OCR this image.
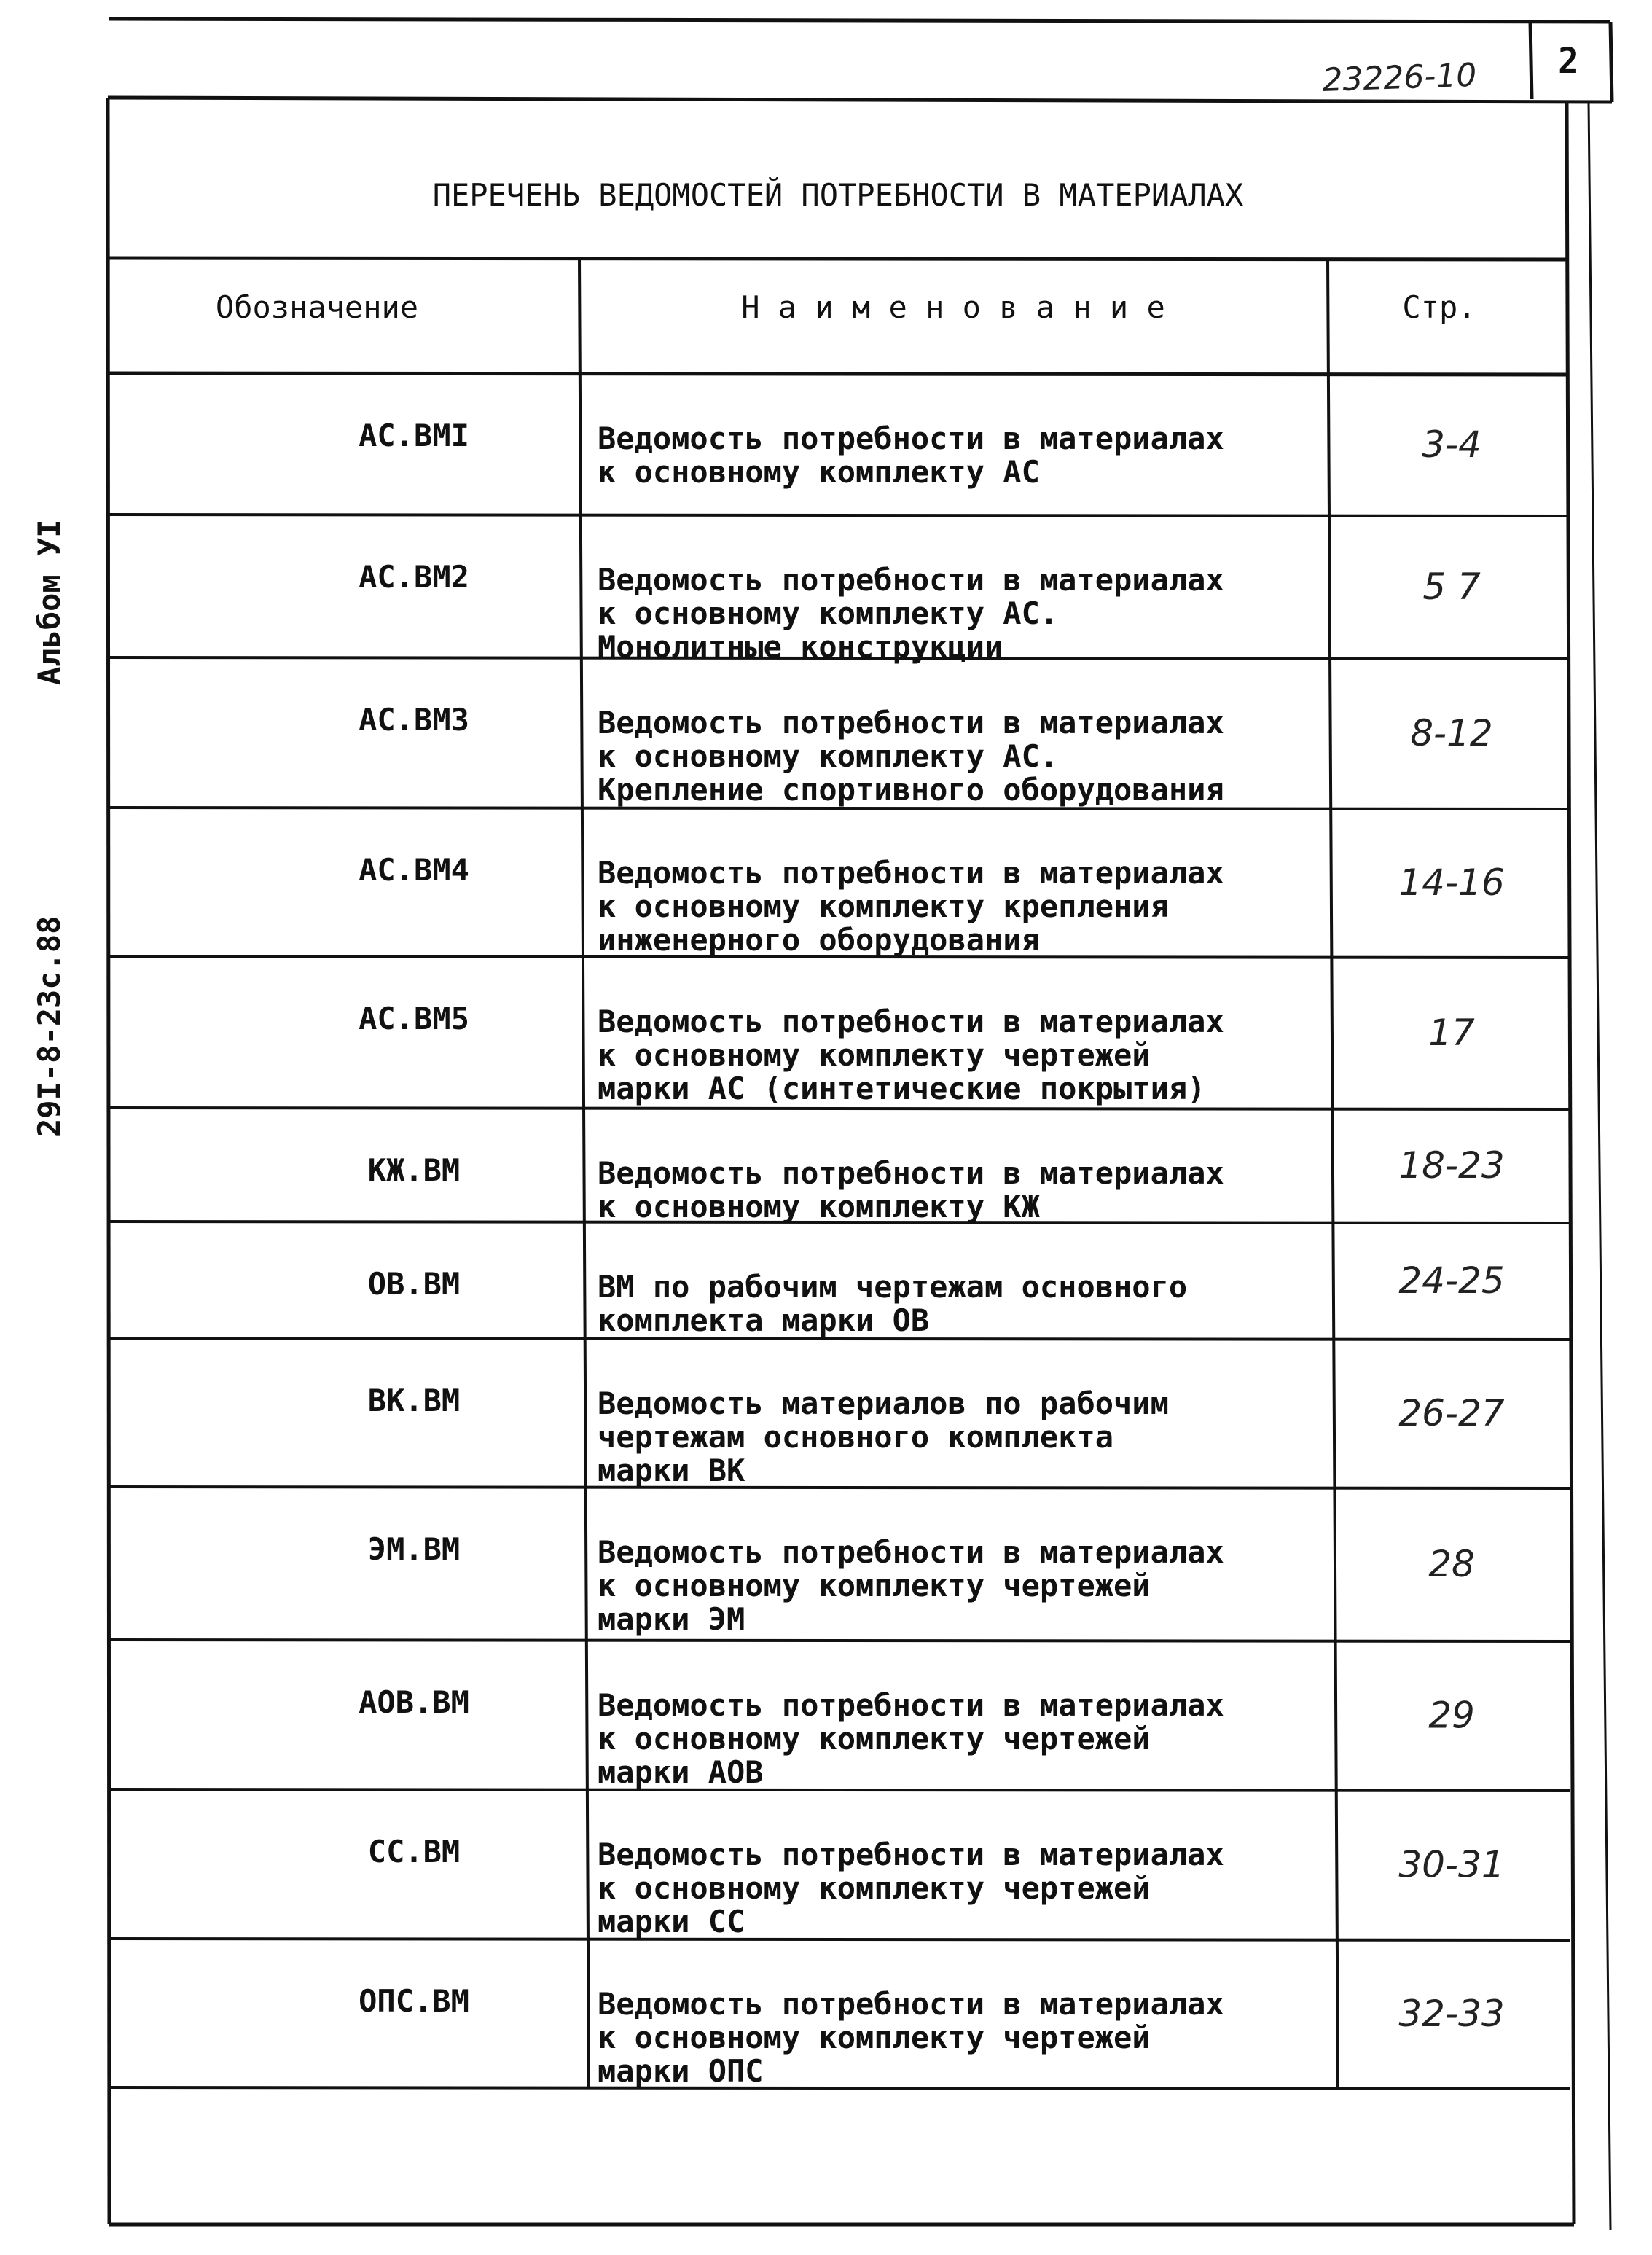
23226-10 2
Альбом УI
29I-8-23с.88
ПЕРЕЧЕНЬ ВЕДОМОСТЕЙ ПОТРЕБНОСТИ В МАТЕРИАЛАХ
Обозначение	Н а и м е н о в а н и е	Стр.
АС.ВМI	Ведомость потребности в материалах
к основному комплекту АС
3-4
АС.ВМ2	Ведомость потребности в материалах
к основному комплекту АС.
Монолитные конструкции
5 7
АС.ВМ3	Ведомость потребности в материалах
к основному комплекту АС.
Крепление спортивного оборудования
8-12
АС.ВМ4	Ведомость потребности в материалах
к основному комплекту крепления
инженерного оборудования
14-16
АС.ВМ5	Ведомость потребности в материалах
к основному комплекту чертежей
марки АС (синтетические покрытия)
17
КЖ.ВМ	Ведомость потребности в материалах
к основному комплекту КЖ
18-23
ОВ.ВМ	ВМ по рабочим чертежам основного
комплекта марки ОВ
24-25
ВК.ВМ	Ведомость материалов по рабочим
чертежам основного комплекта
марки ВК
26-27
ЭМ.ВМ	Ведомость потребности в материалах
к основному комплекту чертежей
марки ЭМ
28
АОВ.ВМ	Ведомость потребности в материалах
к основному комплекту чертежей
марки АОВ
29
СС.ВМ	Ведомость потребности в материалах
к основному комплекту чертежей
марки СС
30-31
ОПС.ВМ	Ведомость потребности в материалах
к основному комплекту чертежей
марки ОПС
32-33
